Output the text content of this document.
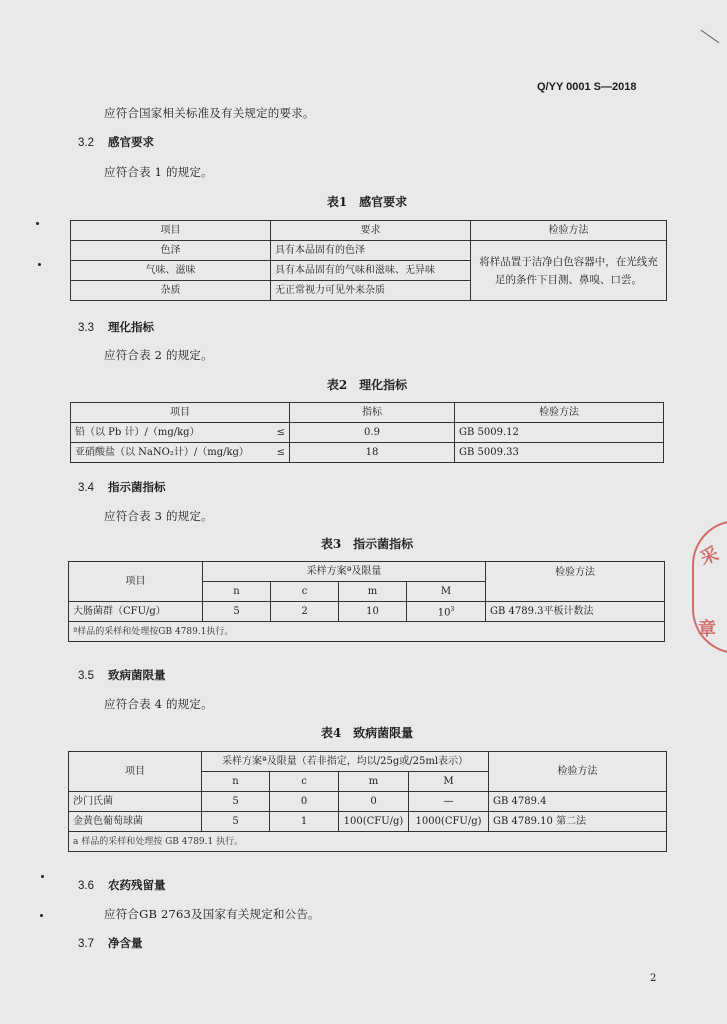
Q/YY 0001 S—2018
应符合国家相关标准及有关规定的要求。
3.2 感官要求
应符合表 1 的规定。
表1　感官要求
项目	要求	检验方法
色泽	具有本品固有的色泽	将样品置于洁净白色容器中，在光线充足的条件下目测、鼻嗅、口尝。
气味、滋味	具有本品固有的气味和滋味、无异味	
杂质	无正常视力可见外来杂质	
3.3 理化指标
应符合表 2 的规定。
表2　理化指标
项目		指标	检验方法
铅（以 Pb 计）/（mg/kg）	≤	0.9	GB 5009.12
亚硝酸盐（以 NaNO₂计）/（mg/kg）	≤	18	GB 5009.33
3.4 指示菌指标
应符合表 3 的规定。
表3　指示菌指标
项目	采样方案ª及限量				检验方法
	n	c	m	M	
大肠菌群（CFU/g）	5	2	10	$10^3$	GB 4789.3平板计数法
ª样品的采样和处理按GB 4789.1执行。					
3.5 致病菌限量
应符合表 4 的规定。
表4　致病菌限量
项目	采样方案ª及限量（若非指定，均以/25g或/25ml表示）				检验方法
	n	c	m	M	
沙门氏菌	5	0	0	—	GB 4789.4
金黄色葡萄球菌	5	1	100(CFU/g)	1000(CFU/g)	GB 4789.10 第二法
a 样品的采样和处理按 GB 4789.1 执行。					
3.6 农药残留量
应符合GB 2763及国家有关规定和公告。
3.7 净含量
2
采
章
